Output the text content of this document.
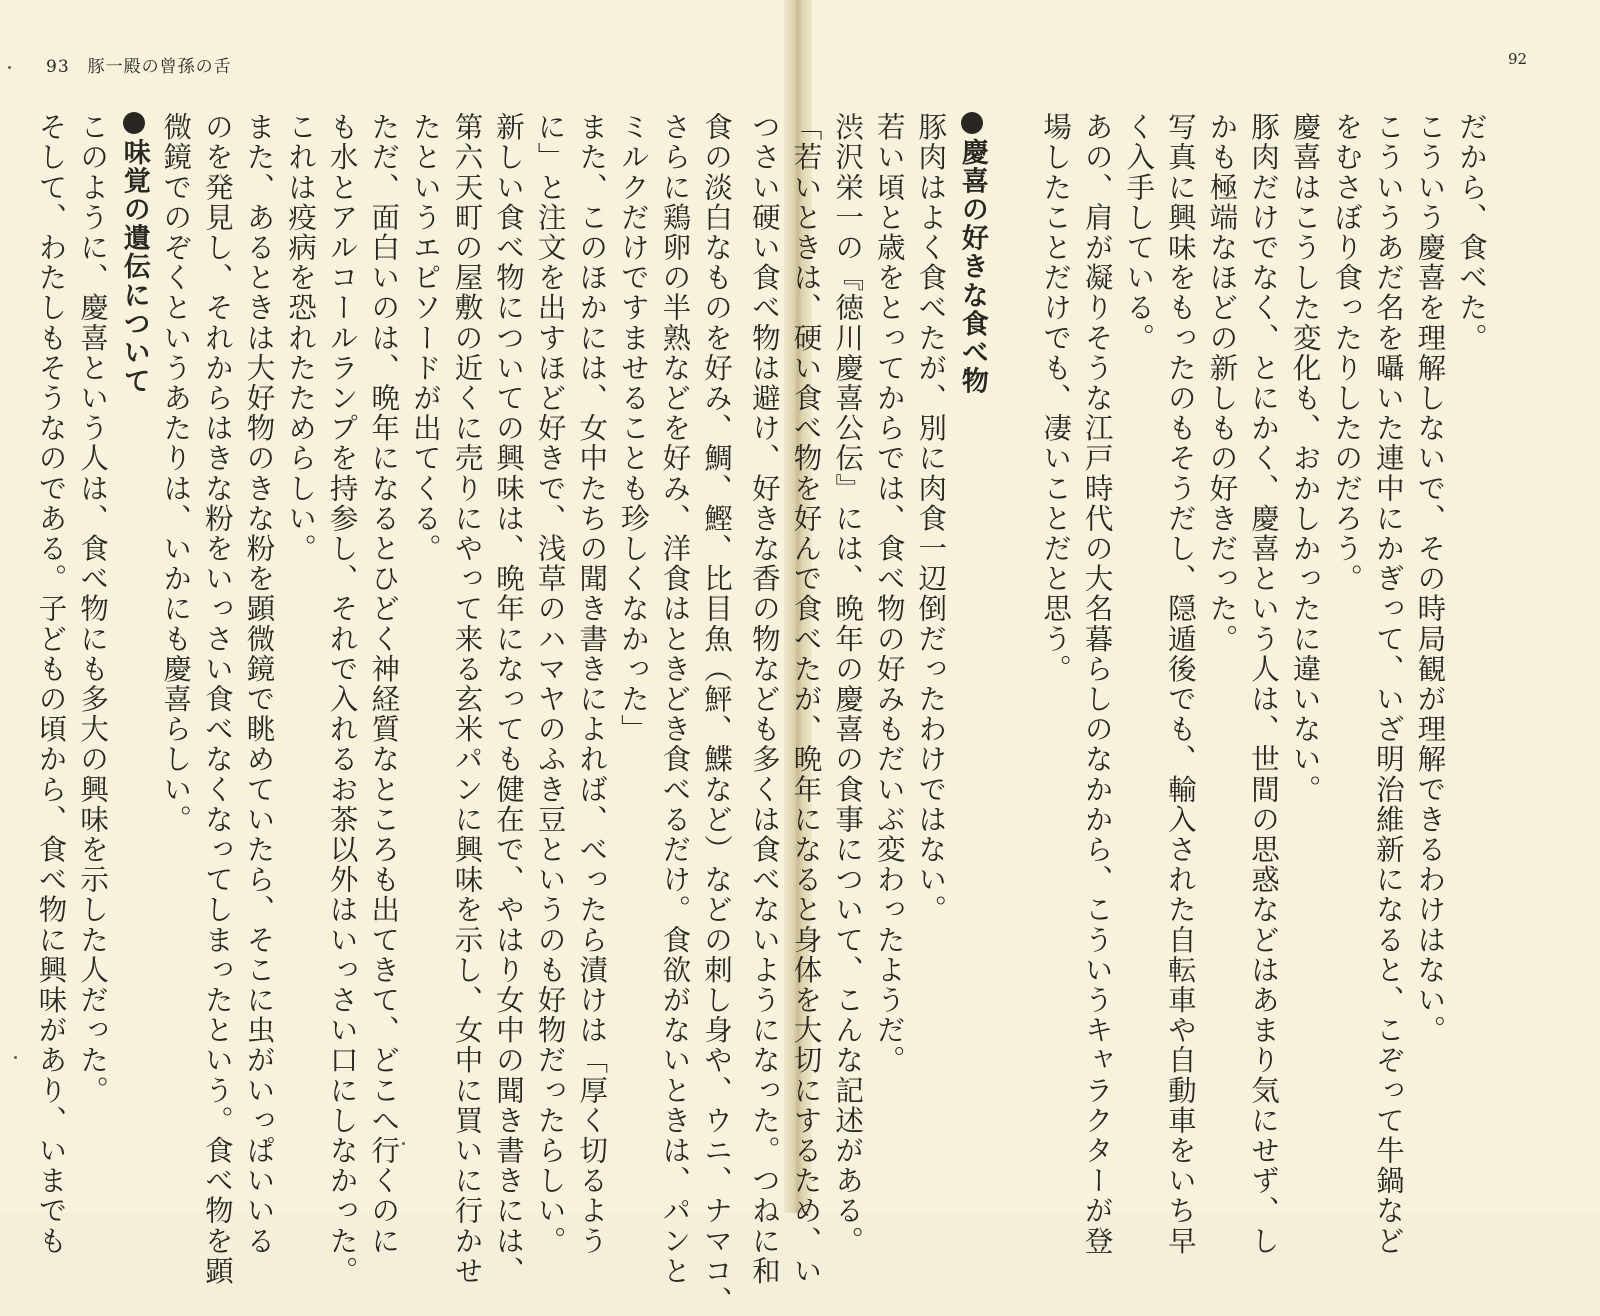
93 豚一殿の曾孫の舌	92
だから、食べた。
こういう慶喜を理解しないで、その時局観が理解できるわけはない。
こういうあだ名を囁いた連中にかぎって、いざ明治維新になると、こぞって牛鍋など
をむさぼり食ったりしたのだろう。
慶喜はこうした変化も、おかしかったに違いない。
豚肉だけでなく、とにかく、慶喜という人は、世間の思惑などはあまり気にせず、し
かも極端なほどの新しもの好きだった。
写真に興味をもったのもそうだし、隠遁後でも、輸入された自転車や自動車をいち早
く入手している。
あの、肩が凝りそうな江戸時代の大名暮らしのなかから、こういうキャラクターが登
場したことだけでも、凄いことだと思う。

慶喜の好きな食べ物
豚肉はよく食べたが、別に肉食一辺倒だったわけではない。
若い頃と歳をとってからでは、食べ物の好みもだいぶ変わったようだ。
渋沢栄一の『徳川慶喜公伝』には、晩年の慶喜の食事について、こんな記述がある。
「若いときは、硬い食べ物を好んで食べたが、晩年になると身体を大切にするため、い
つさい硬い食べ物は避け、好きな香の物なども多くは食べないようになった。つねに和
食の淡白なものを好み、鯛、鰹、比目魚（鮃、鰈など）などの刺し身や、ウニ、ナマコ、
さらに鶏卵の半熟などを好み、洋食はときどき食べるだけ。食欲がないときは、パンと
ミルクだけですませることも珍しくなかった」
また、このほかには、女中たちの聞き書きによれば、べったら漬けは「厚く切るよう
に」と注文を出すほど好きで、浅草のハマヤのふき豆というのも好物だったらしい。
新しい食べ物についての興味は、晩年になっても健在で、やはり女中の聞き書きには、
第六天町の屋敷の近くに売りにやって来る玄米パンに興味を示し、女中に買いに行かせ
たというエピソードが出てくる。
ただ、面白いのは、晩年になるとひどく神経質なところも出てきて、どこへ行くのに
も水とアルコールランプを持参し、それで入れるお茶以外はいっさい口にしなかった。
これは疫病を恐れたためらしい。
また、あるときは大好物のきな粉を顕微鏡で眺めていたら、そこに虫がいっぱいいる
のを発見し、それからはきな粉をいっさい食べなくなってしまったという。食べ物を顕
微鏡でのぞくというあたりは、いかにも慶喜らしい。
味覚の遺伝について
このように、慶喜という人は、食べ物にも多大の興味を示した人だった。
そして、わたしもそうなのである。子どもの頃から、食べ物に興味があり、いまでも
